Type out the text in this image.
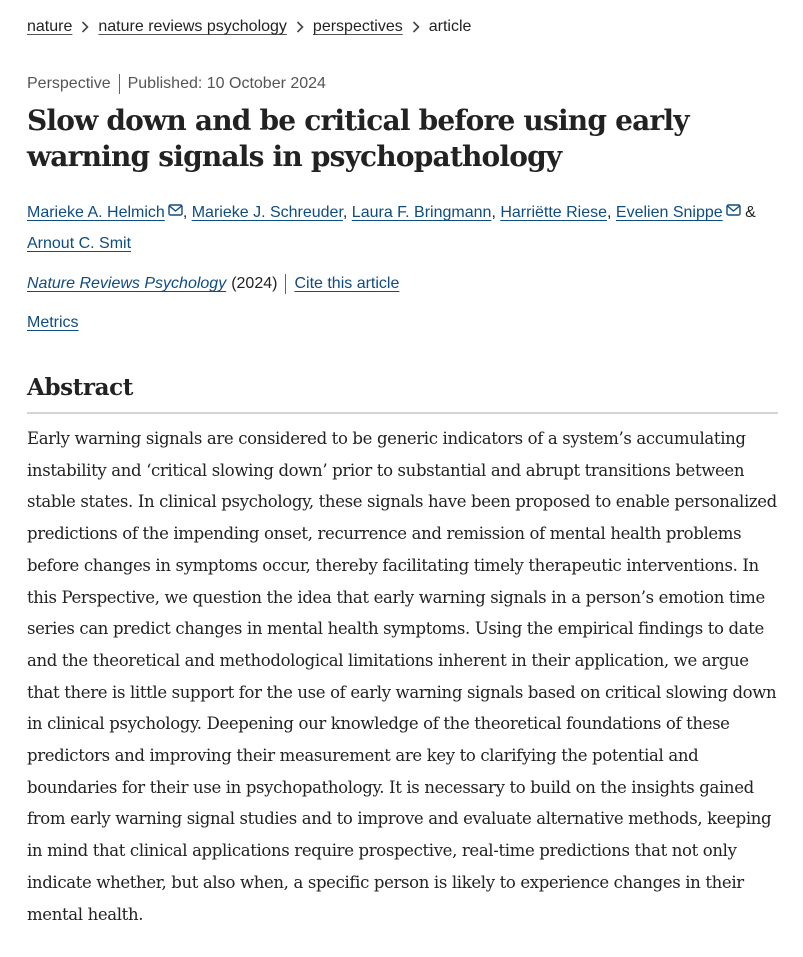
nature nature reviews psychology perspectives article
Perspective Published: 10 October 2024
Slow down and be critical before using early warning signals in psychopathology
Marieke A. Helmich , Marieke J. Schreuder, Laura F. Bringmann, Harriëtte Riese, Evelien Snippe &
Arnout C. Smit
Nature Reviews Psychology (2024) Cite this article
Metrics
Abstract

Early warning signals are considered to be generic indicators of a system’s accumulating instability and ‘critical slowing down’ prior to substantial and abrupt transitions between stable states. In clinical psychology, these signals have been proposed to enable personalized predictions of the impending onset, recurrence and remission of mental health problems before changes in symptoms occur, thereby facilitating timely therapeutic interventions. In this Perspective, we question the idea that early warning signals in a person’s emotion time series can predict changes in mental health symptoms. Using the empirical findings to date and the theoretical and methodological limitations inherent in their application, we argue that there is little support for the use of early warning signals based on critical slowing down in clinical psychology. Deepening our knowledge of the theoretical foundations of these predictors and improving their measurement are key to clarifying the potential and boundaries for their use in psychopathology. It is necessary to build on the insights gained from early warning signal studies and to improve and evaluate alternative methods, keeping in mind that clinical applications require prospective, real-time predictions that not only indicate whether, but also when, a specific person is likely to experience changes in their mental health.
